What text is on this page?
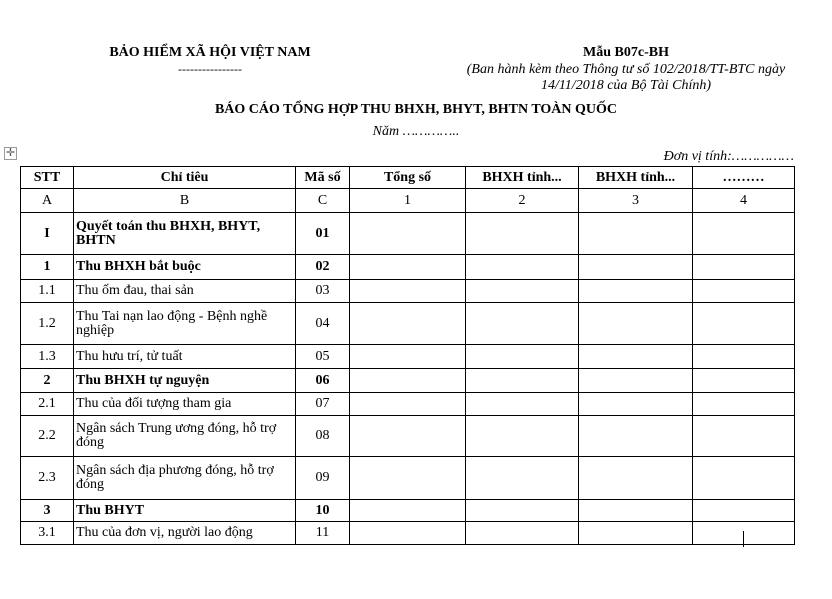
BẢO HIỂM XÃ HỘI VIỆT NAM
----------------
Mẫu B07c-BH
(Ban hành kèm theo Thông tư số 102/2018/TT-BTC ngày
14/11/2018 của Bộ Tài Chính)
BÁO CÁO TỔNG HỢP THU BHXH, BHYT, BHTN TOÀN QUỐC
Năm …………..
✛	Đơn vị tính:……………
STT	Chỉ tiêu	Mã số	Tổng số	BHXH tỉnh...	BHXH tỉnh...	………
A	B	C	1	2	3	4
I	Quyết toán thu BHXH, BHYT, BHTN	01				
1	Thu BHXH bắt buộc	02				
1.1	Thu ốm đau, thai sản	03				
1.2	Thu Tai nạn lao động - Bệnh nghề nghiệp	04				
1.3	Thu hưu trí, tử tuất	05				
2	Thu BHXH tự nguyện	06				
2.1	Thu của đối tượng tham gia	07				
2.2	Ngân sách Trung ương đóng, hỗ trợ đóng	08				
2.3	Ngân sách địa phương đóng, hỗ trợ đóng	09				
3	Thu BHYT	10				
3.1	Thu của đơn vị, người lao động	11				
